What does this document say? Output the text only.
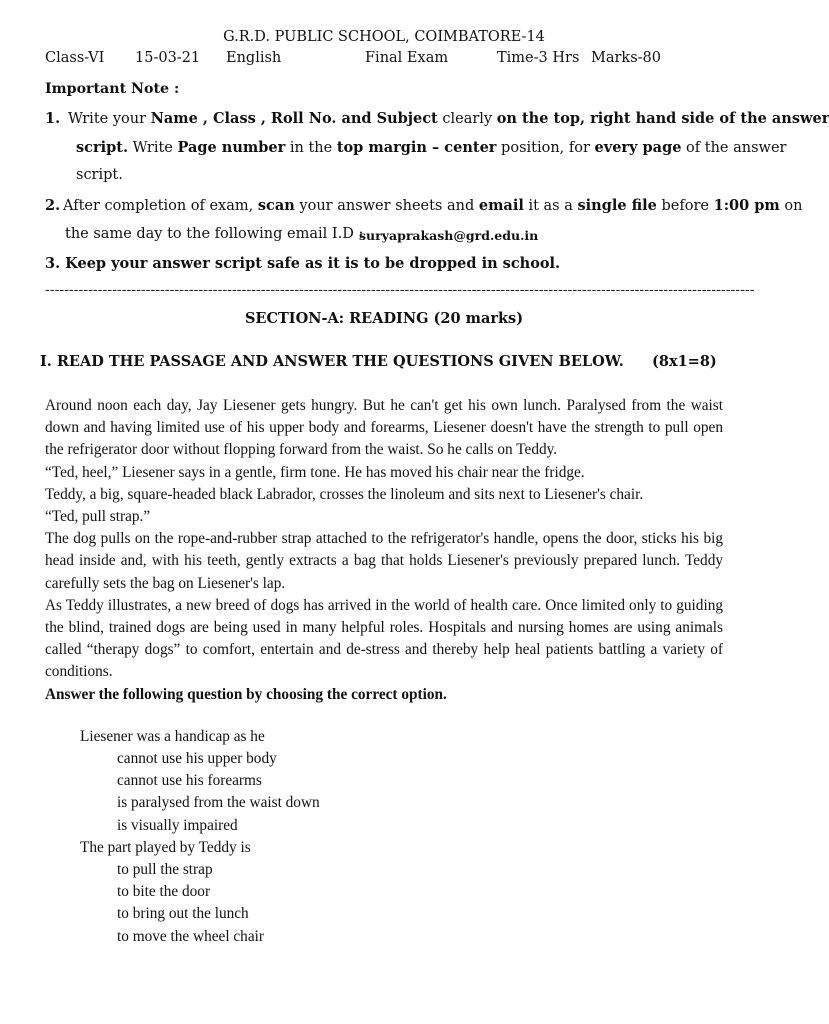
G.R.D. PUBLIC SCHOOL, COIMBATORE-14
Class-VI 15-03-21 English	Final Exam	Time-3 Hrs Marks-80
Important Note :
1. Write your Name , Class , Roll No. and Subject clearly on the top, right hand side of the answer
script. Write Page number in the top margin – center position, for every page of the answer
script.
2. After completion of exam, scan your answer sheets and email it as a single file before 1:00 pm on
the same day to the following email I.D :
suryaprakash@grd.edu.in
3. Keep your answer script safe as it is to be dropped in school.
----------------------------------------------------------------------------------------------------------------------------------------------------
SECTION-A: READING (20 marks)
I. READ THE PASSAGE AND ANSWER THE QUESTIONS GIVEN BELOW. (8x1=8)

Around noon each day, Jay Liesener gets hungry. But he can't get his own lunch. Paralysed from the waist down and having limited use of his upper body and forearms, Liesener doesn't have the strength to pull open the refrigerator door without flopping forward from the waist. So he calls on Teddy.

“Ted, heel,” Liesener says in a gentle, firm tone. He has moved his chair near the fridge.

Teddy, a big, square-headed black Labrador, crosses the linoleum and sits next to Liesener's chair.

“Ted, pull strap.”

The dog pulls on the rope-and-rubber strap attached to the refrigerator's handle, opens the door, sticks his big head inside and, with his teeth, gently extracts a bag that holds Liesener's previously prepared lunch. Teddy carefully sets the bag on Liesener's lap.

As Teddy illustrates, a new breed of dogs has arrived in the world of health care. Once limited only to guiding the blind, trained dogs are being used in many helpful roles. Hospitals and nursing homes are using animals called “therapy dogs” to comfort, entertain and de-stress and thereby help heal patients battling a variety of conditions.

Answer the following question by choosing the correct option.

Liesener was a handicap as he
cannot use his upper body
cannot use his forearms
is paralysed from the waist down
is visually impaired
The part played by Teddy is
to pull the strap
to bite the door
to bring out the lunch
to move the wheel chair
